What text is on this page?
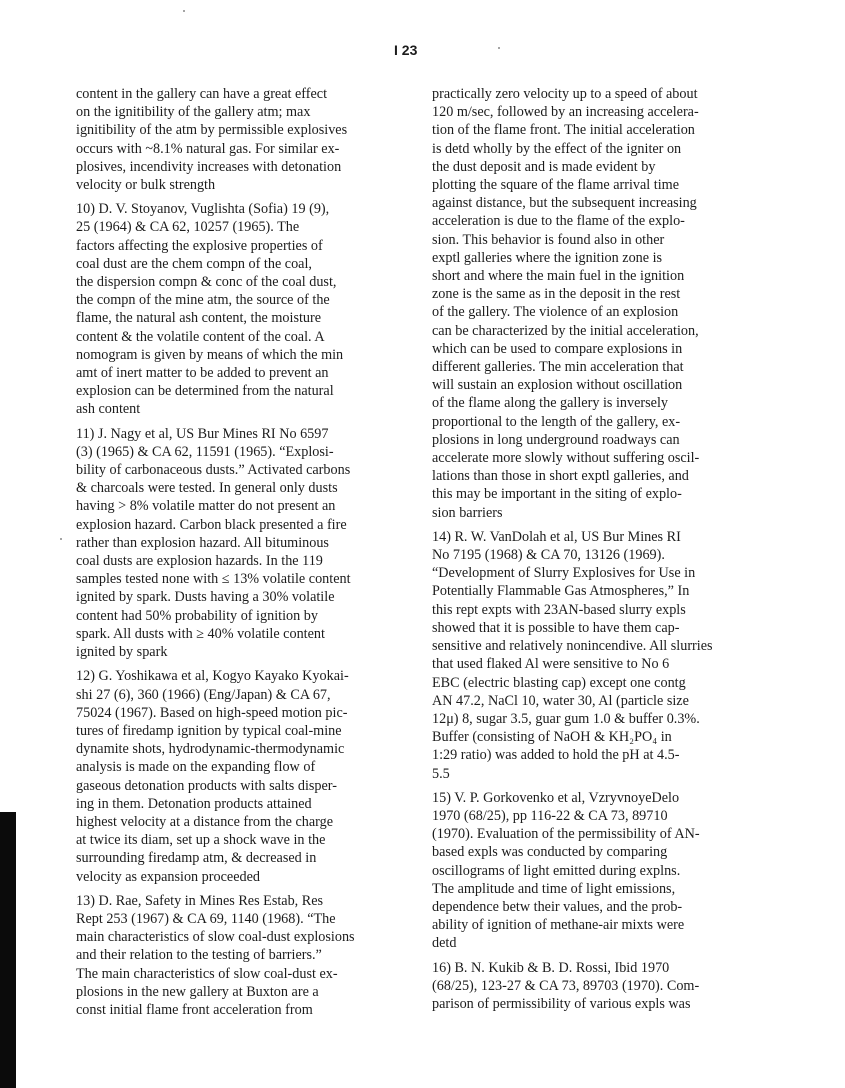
I 23
content in the gallery can have a great effect
on the ignitibility of the gallery atm; max
ignitibility of the atm by permissible explosives
occurs with ~8.1% natural gas. For similar ex-
plosives, incendivity increases with detonation
velocity or bulk strength
10) D. V. Stoyanov, Vuglishta (Sofia) 19 (9),
25 (1964) & CA 62, 10257 (1965). The
factors affecting the explosive properties of
coal dust are the chem compn of the coal,
the dispersion compn & conc of the coal dust,
the compn of the mine atm, the source of the
flame, the natural ash content, the moisture
content & the volatile content of the coal. A
nomogram is given by means of which the min
amt of inert matter to be added to prevent an
explosion can be determined from the natural
ash content
11) J. Nagy et al, US Bur Mines RI No 6597
(3) (1965) & CA 62, 11591 (1965). “Explosi-
bility of carbonaceous dusts.” Activated carbons
& charcoals were tested. In general only dusts
having > 8% volatile matter do not present an
explosion hazard. Carbon black presented a fire
rather than explosion hazard. All bituminous
coal dusts are explosion hazards. In the 119
samples tested none with ≤ 13% volatile content
ignited by spark. Dusts having a 30% volatile
content had 50% probability of ignition by
spark. All dusts with ≥ 40% volatile content
ignited by spark
12) G. Yoshikawa et al, Kogyo Kayako Kyokai-
shi 27 (6), 360 (1966) (Eng/Japan) & CA 67,
75024 (1967). Based on high-speed motion pic-
tures of firedamp ignition by typical coal-mine
dynamite shots, hydrodynamic-thermodynamic
analysis is made on the expanding flow of
gaseous detonation products with salts disper-
ing in them. Detonation products attained
highest velocity at a distance from the charge
at twice its diam, set up a shock wave in the
surrounding firedamp atm, & decreased in
velocity as expansion proceeded
13) D. Rae, Safety in Mines Res Estab, Res
Rept 253 (1967) & CA 69, 1140 (1968). “The
main characteristics of slow coal-dust explosions
and their relation to the testing of barriers.”
The main characteristics of slow coal-dust ex-
plosions in the new gallery at Buxton are a
const initial flame front acceleration from
practically zero velocity up to a speed of about
120 m/sec, followed by an increasing accelera-
tion of the flame front. The initial acceleration
is detd wholly by the effect of the igniter on
the dust deposit and is made evident by
plotting the square of the flame arrival time
against distance, but the subsequent increasing
acceleration is due to the flame of the explo-
sion. This behavior is found also in other
exptl galleries where the ignition zone is
short and where the main fuel in the ignition
zone is the same as in the deposit in the rest
of the gallery. The violence of an explosion
can be characterized by the initial acceleration,
which can be used to compare explosions in
different galleries. The min acceleration that
will sustain an explosion without oscillation
of the flame along the gallery is inversely
proportional to the length of the gallery, ex-
plosions in long underground roadways can
accelerate more slowly without suffering oscil-
lations than those in short exptl galleries, and
this may be important in the siting of explo-
sion barriers
14) R. W. VanDolah et al, US Bur Mines RI
No 7195 (1968) & CA 70, 13126 (1969).
“Development of Slurry Explosives for Use in
Potentially Flammable Gas Atmospheres,” In
this rept expts with 23AN-based slurry expls
showed that it is possible to have them cap-
sensitive and relatively nonincendive. All slurries
that used flaked Al were sensitive to No 6
EBC (electric blasting cap) except one contg
AN 47.2, NaCl 10, water 30, Al (particle size
12μ) 8, sugar 3.5, guar gum 1.0 & buffer 0.3%.
Buffer (consisting of NaOH & KH₂PO₄ in
1:29 ratio) was added to hold the pH at 4.5-
5.5
15) V. P. Gorkovenko et al, VzryvnoyeDelo
1970 (68/25), pp 116-22 & CA 73, 89710
(1970). Evaluation of the permissibility of AN-
based expls was conducted by comparing
oscillograms of light emitted during explns.
The amplitude and time of light emissions,
dependence betw their values, and the prob-
ability of ignition of methane-air mixts were
detd
16) B. N. Kukib & B. D. Rossi, Ibid 1970
(68/25), 123-27 & CA 73, 89703 (1970). Com-
parison of permissibility of various expls was
